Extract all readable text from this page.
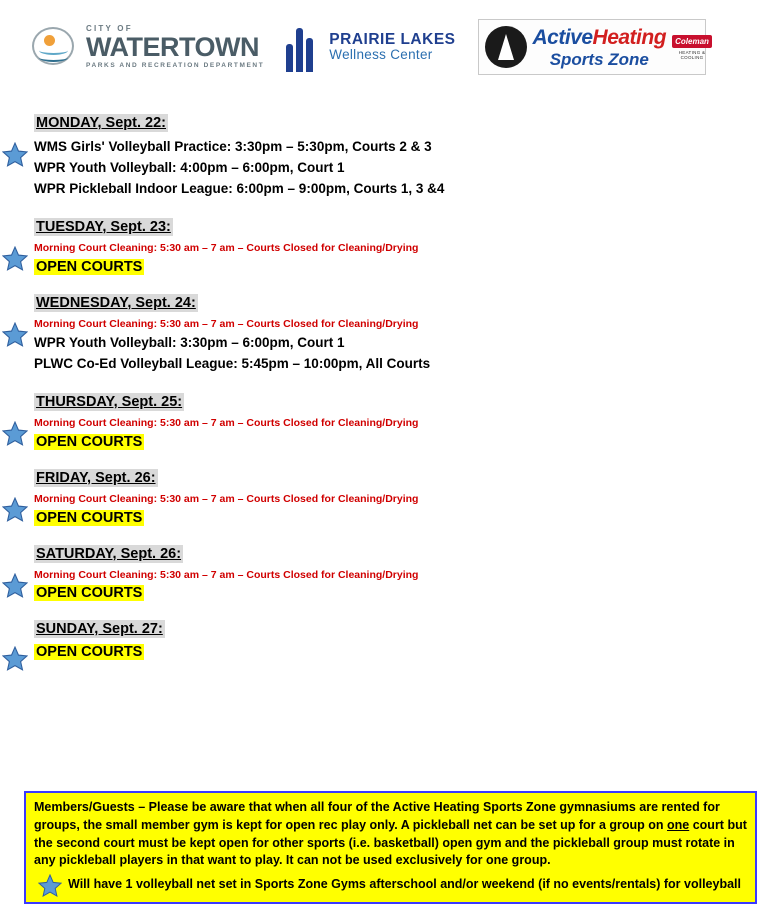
CITY OF
WATERTOWN
PARKS AND RECREATION DEPARTMENT
PRAIRIE LAKES
Wellness Center
ActiveHeating
Sports Zone
Coleman
HEATING & COOLING
MONDAY, Sept. 22:
WMS Girls' Volleyball Practice: 3:30pm – 5:30pm, Courts 2 & 3
WPR Youth Volleyball: 4:00pm – 6:00pm, Court 1
WPR Pickleball Indoor League: 6:00pm – 9:00pm, Courts 1, 3 &4
TUESDAY, Sept. 23:
Morning Court Cleaning: 5:30 am – 7 am – Courts Closed for Cleaning/Drying
OPEN COURTS
WEDNESDAY, Sept. 24:
Morning Court Cleaning: 5:30 am – 7 am – Courts Closed for Cleaning/Drying
WPR Youth Volleyball: 3:30pm – 6:00pm, Court 1
PLWC Co-Ed Volleyball League: 5:45pm – 10:00pm, All Courts
THURSDAY, Sept. 25:
Morning Court Cleaning: 5:30 am – 7 am – Courts Closed for Cleaning/Drying
OPEN COURTS
FRIDAY, Sept. 26:
Morning Court Cleaning: 5:30 am – 7 am – Courts Closed for Cleaning/Drying
OPEN COURTS
SATURDAY, Sept. 26:
Morning Court Cleaning: 5:30 am – 7 am – Courts Closed for Cleaning/Drying
OPEN COURTS
SUNDAY, Sept. 27:
OPEN COURTS

Members/Guests – Please be aware that when all four of the Active Heating Sports Zone gymnasiums are rented for groups, the small member gym is kept for open rec play only. A pickleball net can be set up for a group on one court but the second court must be kept open for other sports (i.e. basketball) open gym and the pickleball group must rotate in any pickleball players in that want to play. It can not be used exclusively for one group.

Will have 1 volleyball net set in Sports Zone Gyms afterschool and/or weekend (if no events/rentals) for volleyball
